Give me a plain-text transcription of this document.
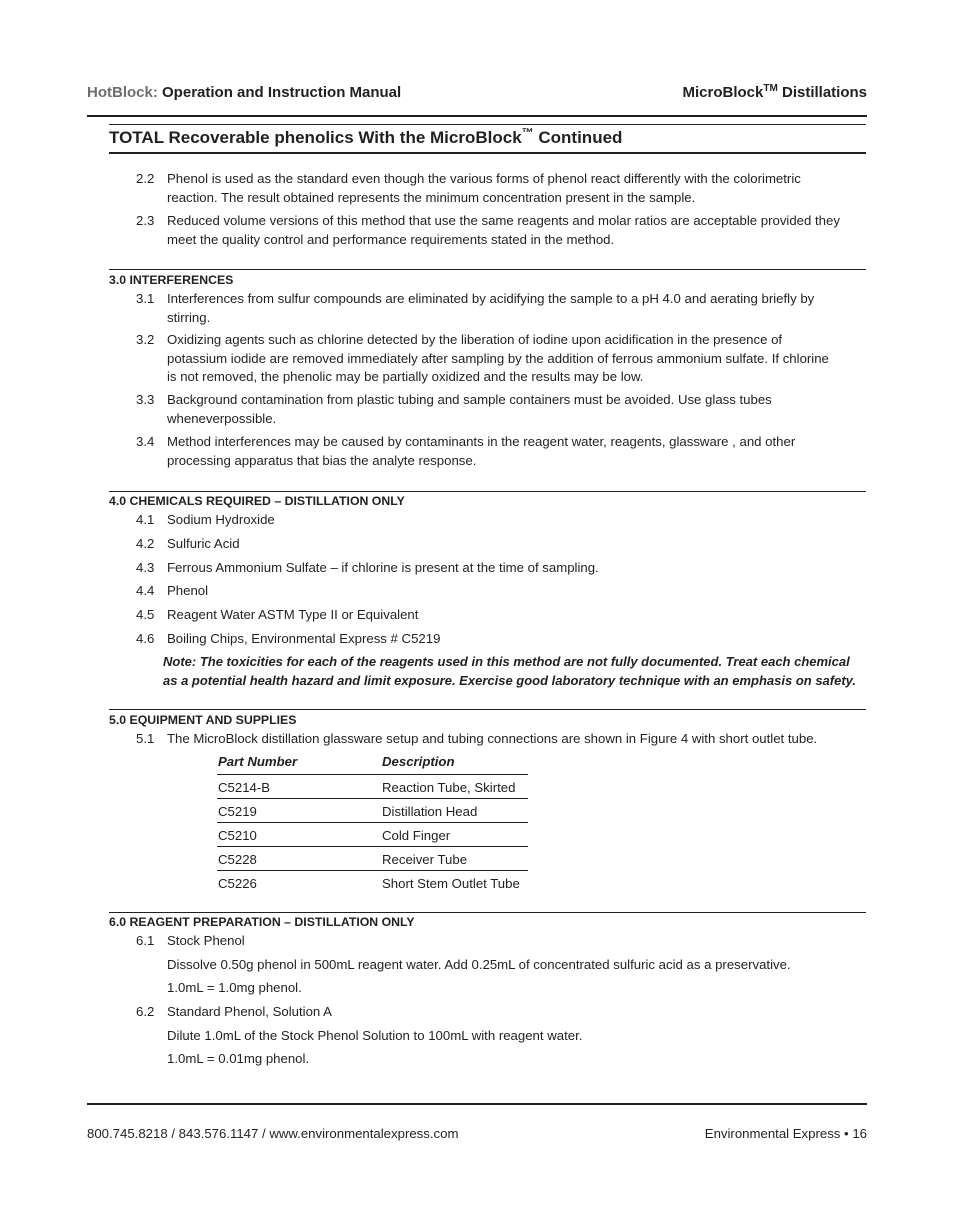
HotBlock: Operation and Instruction Manual	MicroBlock™ Distillations
TOTAL Recoverable phenolics With the MicroBlock™ Continued
2.2 Phenol is used as the standard even though the various forms of phenol react differently with the colorimetric
reaction. The result obtained represents the minimum concentration present in the sample.
2.3 Reduced volume versions of this method that use the same reagents and molar ratios are acceptable provided they
meet the quality control and performance requirements stated in the method.
3.0 INTERFERENCES
3.1 Interferences from sulfur compounds are eliminated by acidifying the sample to a pH 4.0 and aerating briefly by
stirring.
3.2 Oxidizing agents such as chlorine detected by the liberation of iodine upon acidification in the presence of
potassium iodide are removed immediately after sampling by the addition of ferrous ammonium sulfate. If chlorine
is not removed, the phenolic may be partially oxidized and the results may be low.
3.3 Background contamination from plastic tubing and sample containers must be avoided. Use glass tubes
wheneverpossible.
3.4 Method interferences may be caused by contaminants in the reagent water, reagents, glassware , and other
processing apparatus that bias the analyte response.
4.0 CHEMICALS REQUIRED – DISTILLATION ONLY
4.1 Sodium Hydroxide
4.2 Sulfuric Acid
4.3 Ferrous Ammonium Sulfate – if chlorine is present at the time of sampling.
4.4 Phenol
4.5 Reagent Water ASTM Type II or Equivalent
4.6 Boiling Chips, Environmental Express # C5219
Note: The toxicities for each of the reagents used in this method are not fully documented. Treat each chemical
as a potential health hazard and limit exposure. Exercise good laboratory technique with an emphasis on safety.
5.0 EQUIPMENT AND SUPPLIES
5.1 The MicroBlock distillation glassware setup and tubing connections are shown in Figure 4 with short outlet tube.
Part Number	Description
C5214-B	Reaction Tube, Skirted
C5219	Distillation Head
C5210	Cold Finger
C5228	Receiver Tube
C5226	Short Stem Outlet Tube
6.0 REAGENT PREPARATION – DISTILLATION ONLY
6.1 Stock Phenol
Dissolve 0.50g phenol in 500mL reagent water. Add 0.25mL of concentrated sulfuric acid as a preservative.
1.0mL = 1.0mg phenol.
6.2 Standard Phenol, Solution A
Dilute 1.0mL of the Stock Phenol Solution to 100mL with reagent water.
1.0mL = 0.01mg phenol.
800.745.8218 / 843.576.1147 / www.environmentalexpress.com	Environmental Express • 16
